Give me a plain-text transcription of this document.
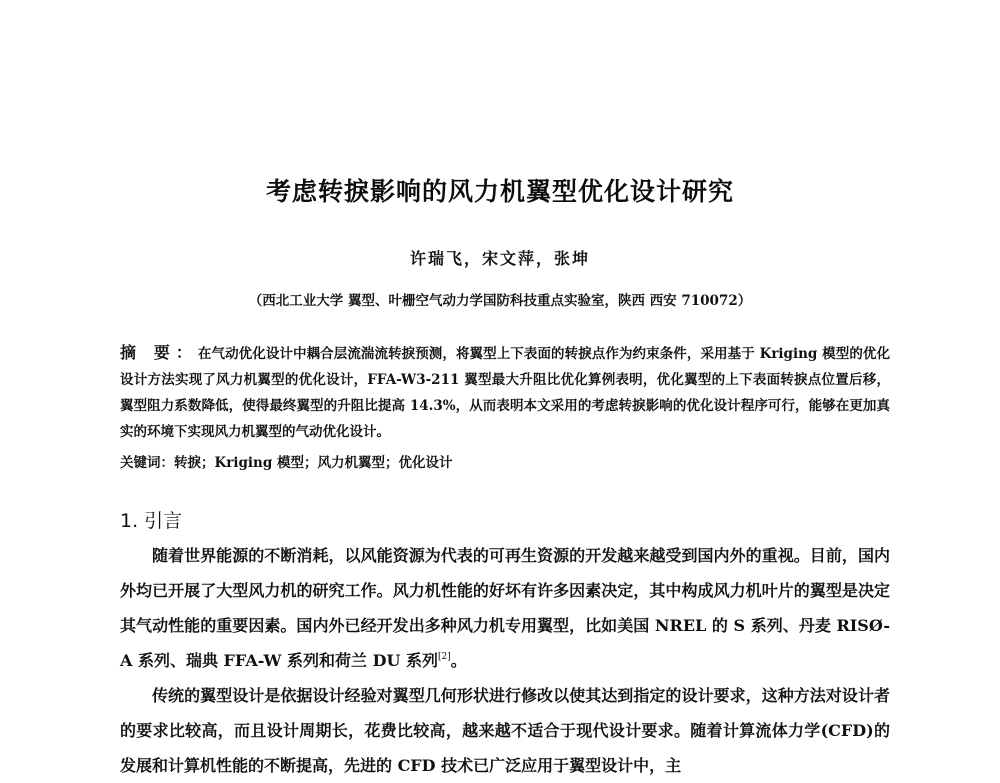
考虑转捩影响的风力机翼型优化设计研究
许瑞飞，宋文萍，张坤
（西北工业大学 翼型、叶栅空气动力学国防科技重点实验室，陕西 西安 710072）
摘 要：在气动优化设计中耦合层流湍流转捩预测，将翼型上下表面的转捩点作为约束条件，采用基于 Kriging 模型的优化设计方法实现了风力机翼型的优化设计，FFA-W3-211 翼型最大升阻比优化算例表明，优化翼型的上下表面转捩点位置后移，翼型阻力系数降低，使得最终翼型的升阻比提高 14.3%，从而表明本文采用的考虑转捩影响的优化设计程序可行，能够在更加真实的环境下实现风力机翼型的气动优化设计。
关键词：转捩；Kriging 模型；风力机翼型；优化设计
1. 引言

随着世界能源的不断消耗，以风能资源为代表的可再生资源的开发越来越受到国内外的重视。目前，国内外均已开展了大型风力机的研究工作。风力机性能的好坏有许多因素决定，其中构成风力机叶片的翼型是决定其气动性能的重要因素。国内外已经开发出多种风力机专用翼型，比如美国 NREL 的 S 系列、丹麦 RISØ-A 系列、瑞典 FFA-W 系列和荷兰 DU 系列[2]。

传统的翼型设计是依据设计经验对翼型几何形状进行修改以使其达到指定的设计要求，这种方法对设计者的要求比较高，而且设计周期长，花费比较高，越来越不适合于现代设计要求。随着计算流体力学(CFD)的发展和计算机性能的不断提高，先进的 CFD 技术已广泛应用于翼型设计中，主
